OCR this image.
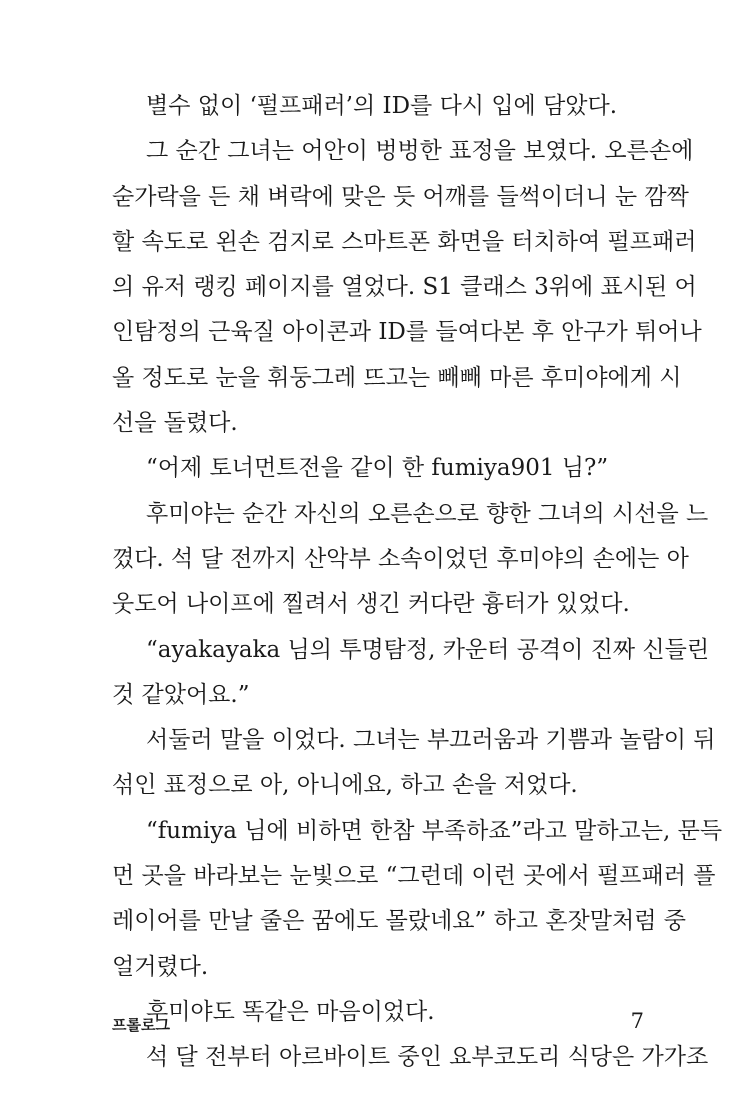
별수 없이 ‘펄프패러’의 ID를 다시 입에 담았다.
그 순간 그녀는 어안이 벙벙한 표정을 보였다. 오른손에
숟가락을 든 채 벼락에 맞은 듯 어깨를 들썩이더니 눈 깜짝
할 속도로 왼손 검지로 스마트폰 화면을 터치하여 펄프패러
의 유저 랭킹 페이지를 열었다. S1 클래스 3위에 표시된 어
인탐정의 근육질 아이콘과 ID를 들여다본 후 안구가 튀어나
올 정도로 눈을 휘둥그레 뜨고는 빼빼 마른 후미야에게 시
선을 돌렸다.
“어제 토너먼트전을 같이 한 fumiya901 님?”
후미야는 순간 자신의 오른손으로 향한 그녀의 시선을 느
꼈다. 석 달 전까지 산악부 소속이었던 후미야의 손에는 아
웃도어 나이프에 찔려서 생긴 커다란 흉터가 있었다.
“ayakayaka 님의 투명탐정, 카운터 공격이 진짜 신들린
것 같았어요.”
서둘러 말을 이었다. 그녀는 부끄러움과 기쁨과 놀람이 뒤
섞인 표정으로 아, 아니에요, 하고 손을 저었다.
“fumiya 님에 비하면 한참 부족하죠”라고 말하고는, 문득
먼 곳을 바라보는 눈빛으로 “그런데 이런 곳에서 펄프패러 플
레이어를 만날 줄은 꿈에도 몰랐네요” 하고 혼잣말처럼 중
얼거렸다.
후미야도 똑같은 마음이었다.
석 달 전부터 아르바이트 중인 요부코도리 식당은 가가조
프롤로그	7
